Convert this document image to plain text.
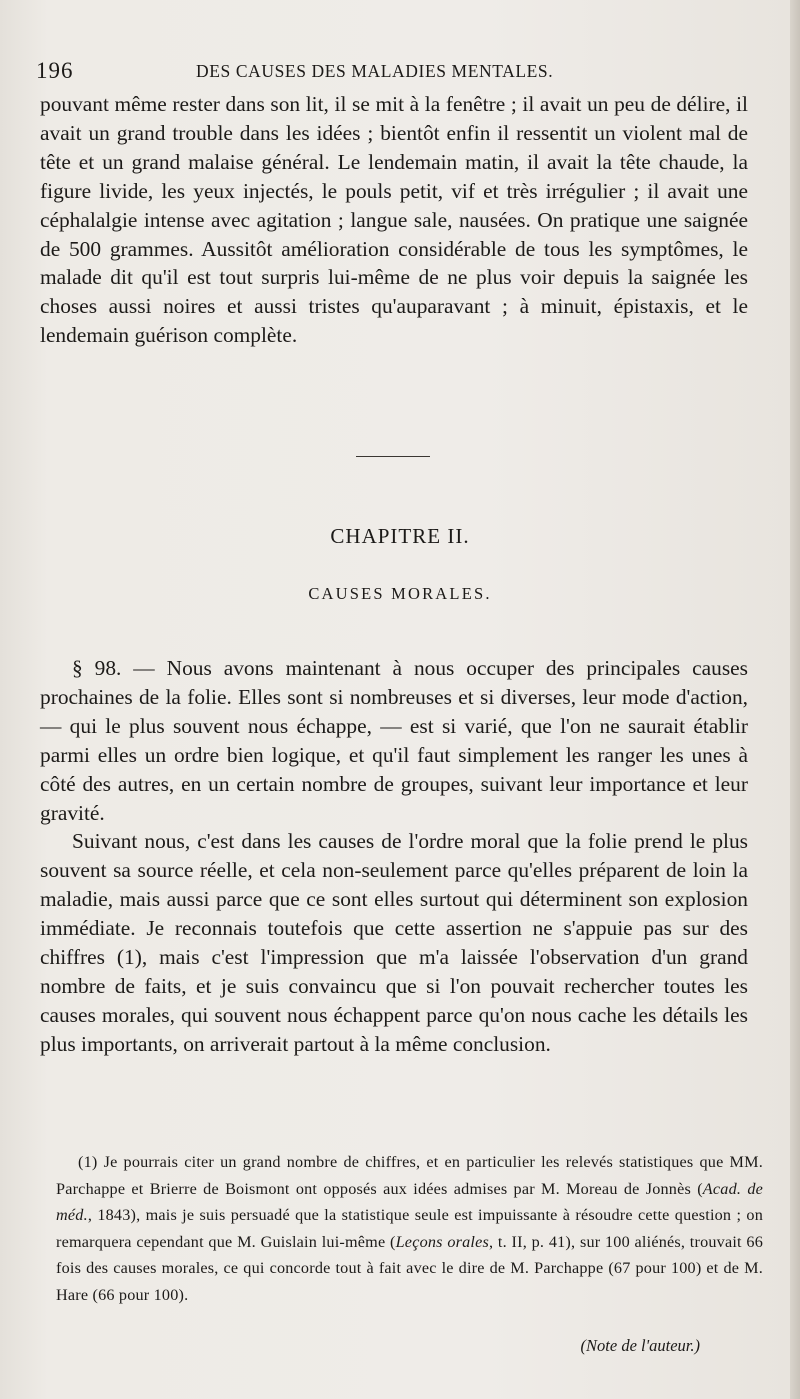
196	DES CAUSES DES MALADIES MENTALES.

pouvant même rester dans son lit, il se mit à la fenêtre ; il avait un peu de délire, il avait un grand trouble dans les idées ; bientôt enfin il ressentit un violent mal de tête et un grand malaise général. Le lendemain matin, il avait la tête chaude, la figure livide, les yeux injectés, le pouls petit, vif et très irrégulier ; il avait une céphalalgie intense avec agitation ; langue sale, nausées. On pratique une saignée de 500 grammes. Aussitôt amélioration considérable de tous les symptômes, le malade dit qu'il est tout surpris lui-même de ne plus voir depuis la saignée les choses aussi noires et aussi tristes qu'auparavant ; à minuit, épistaxis, et le lendemain guérison complète.

CHAPITRE II.
CAUSES MORALES.

§ 98. — Nous avons maintenant à nous occuper des principales causes prochaines de la folie. Elles sont si nombreuses et si diverses, leur mode d'action, — qui le plus souvent nous échappe, — est si varié, que l'on ne saurait établir parmi elles un ordre bien logique, et qu'il faut simplement les ranger les unes à côté des autres, en un certain nombre de groupes, suivant leur importance et leur gravité.

Suivant nous, c'est dans les causes de l'ordre moral que la folie prend le plus souvent sa source réelle, et cela non-seulement parce qu'elles préparent de loin la maladie, mais aussi parce que ce sont elles surtout qui déterminent son explosion immédiate. Je reconnais toutefois que cette assertion ne s'appuie pas sur des chiffres (1), mais c'est l'impression que m'a laissée l'observation d'un grand nombre de faits, et je suis convaincu que si l'on pouvait rechercher toutes les causes morales, qui souvent nous échappent parce qu'on nous cache les détails les plus importants, on arriverait partout à la même conclusion.

(1) Je pourrais citer un grand nombre de chiffres, et en particulier les relevés statistiques que MM. Parchappe et Brierre de Boismont ont opposés aux idées admises par M. Moreau de Jonnès (Acad. de méd., 1843), mais je suis persuadé que la statistique seule est impuissante à résoudre cette question ; on remarquera cependant que M. Guislain lui-même (Leçons orales, t. II, p. 41), sur 100 aliénés, trouvait 66 fois des causes morales, ce qui concorde tout à fait avec le dire de M. Parchappe (67 pour 100) et de M. Hare (66 pour 100).

(Note de l'auteur.)
